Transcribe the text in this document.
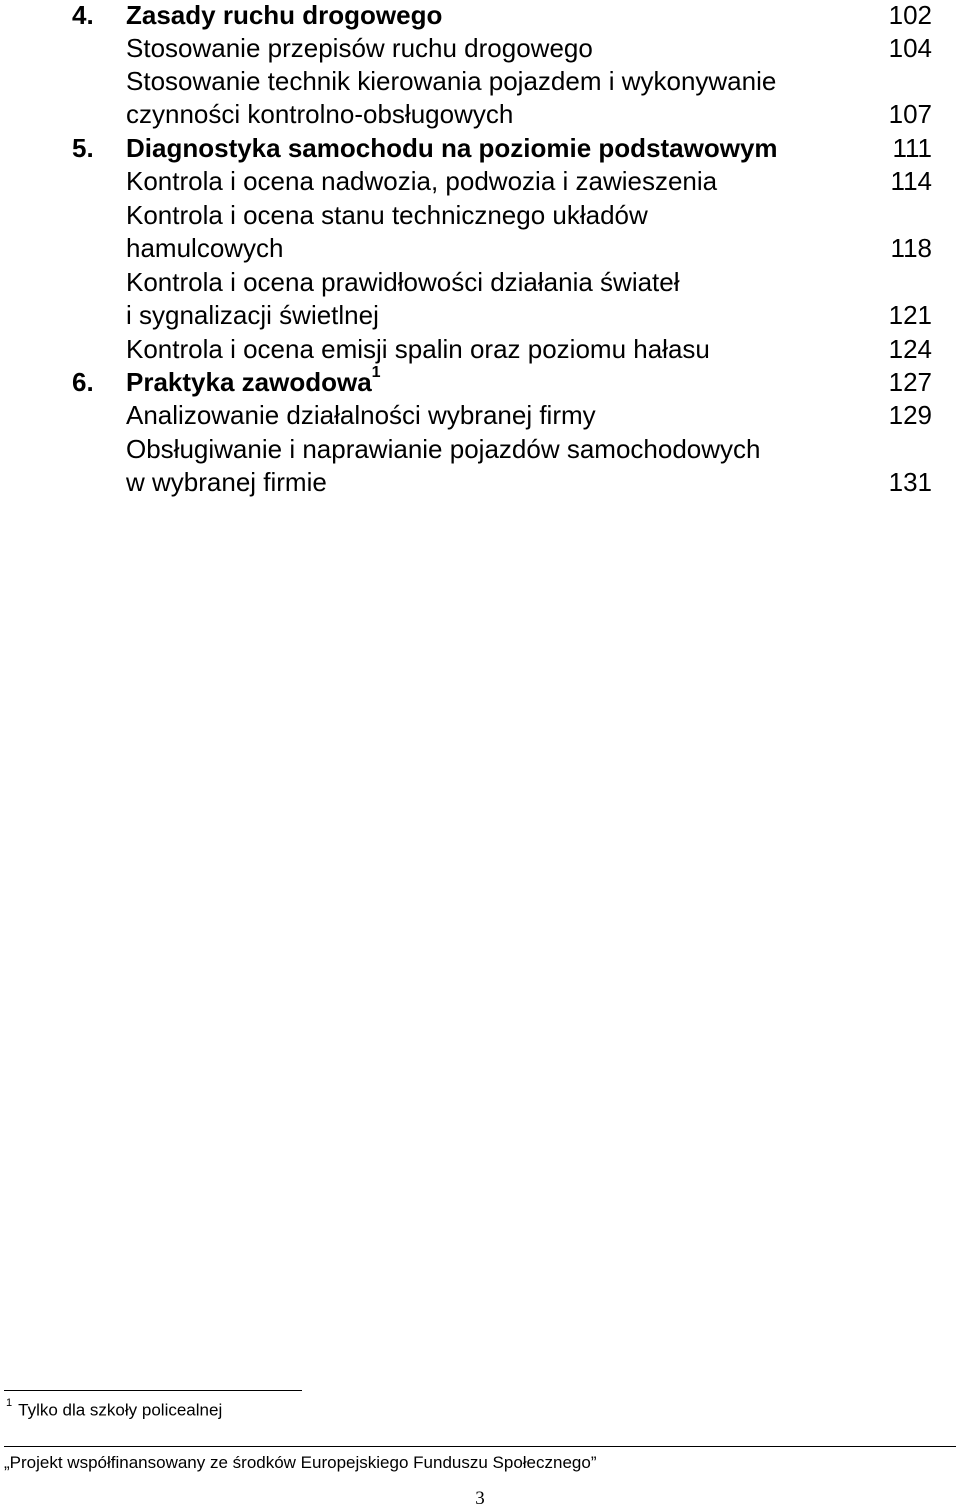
4. Zasady ruchu drogowego	102
Stosowanie przepisów ruchu drogowego	104
Stosowanie technik kierowania pojazdem i wykonywanie
czynności kontrolno-obsługowych	107
5. Diagnostyka samochodu na poziomie podstawowym	111
Kontrola i ocena nadwozia, podwozia i zawieszenia	114
Kontrola i ocena stanu technicznego układów
hamulcowych	118
Kontrola i ocena prawidłowości działania świateł
i sygnalizacji świetlnej	121
Kontrola i ocena emisji spalin oraz poziomu hałasu	124
6. Praktyka zawodowa$^1$	127
Analizowanie działalności wybranej firmy	129
Obsługiwanie i naprawianie pojazdów samochodowych
w wybranej firmie	131
$^1$ Tylko dla szkoły policealnej
„Projekt współfinansowany ze środków Europejskiego Funduszu Społecznego”
3
